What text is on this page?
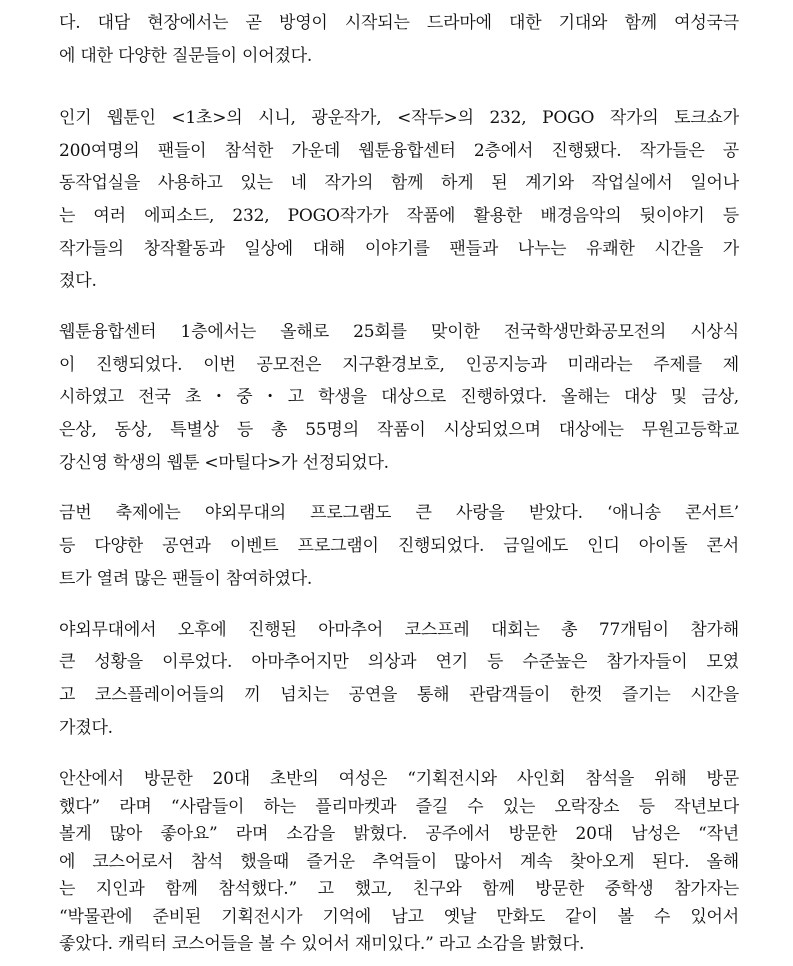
다. 대담 현장에서는 곧 방영이 시작되는 드라마에 대한 기대와 함께 여성국극
에 대한 다양한 질문들이 이어졌다.
인기 웹툰인 <1초>의 시니, 광운작가, <작두>의 232, POGO 작가의 토크쇼가
200여명의 팬들이 참석한 가운데 웹툰융합센터 2층에서 진행됐다. 작가들은 공
동작업실을 사용하고 있는 네 작가의 함께 하게 된 계기와 작업실에서 일어나
는 여러 에피소드, 232, POGO작가가 작품에 활용한 배경음악의 뒷이야기 등
작가들의 창작활동과 일상에 대해 이야기를 팬들과 나누는 유쾌한 시간을 가
졌다.
웹툰융합센터 1층에서는 올해로 25회를 맞이한 전국학생만화공모전의 시상식
이 진행되었다. 이번 공모전은 지구환경보호, 인공지능과 미래라는 주제를 제
시하였고 전국 초・중・고 학생을 대상으로 진행하였다. 올해는 대상 및 금상,
은상, 동상, 특별상 등 총 55명의 작품이 시상되었으며 대상에는 무원고등학교
강신영 학생의 웹툰 <마틸다>가 선정되었다.
금번 축제에는 야외무대의 프로그램도 큰 사랑을 받았다. ‘애니송 콘서트’
등 다양한 공연과 이벤트 프로그램이 진행되었다. 금일에도 인디 아이돌 콘서
트가 열려 많은 팬들이 참여하였다.
야외무대에서 오후에 진행된 아마추어 코스프레 대회는 총 77개팀이 참가해
큰 성황을 이루었다. 아마추어지만 의상과 연기 등 수준높은 참가자들이 모였
고 코스플레이어들의 끼 넘치는 공연을 통해 관람객들이 한껏 즐기는 시간을
가졌다.
안산에서 방문한 20대 초반의 여성은 “기획전시와 사인회 참석을 위해 방문
했다” 라며 “사람들이 하는 플리마켓과 즐길 수 있는 오락장소 등 작년보다
볼게 많아 좋아요” 라며 소감을 밝혔다. 공주에서 방문한 20대 남성은 “작년
에 코스어로서 참석 했을때 즐거운 추억들이 많아서 계속 찾아오게 된다. 올해
는 지인과 함께 참석했다.” 고 했고, 친구와 함께 방문한 중학생 참가자는
“박물관에 준비된 기획전시가 기억에 남고 옛날 만화도 같이 볼 수 있어서
좋았다. 캐릭터 코스어들을 볼 수 있어서 재미있다.” 라고 소감을 밝혔다.
